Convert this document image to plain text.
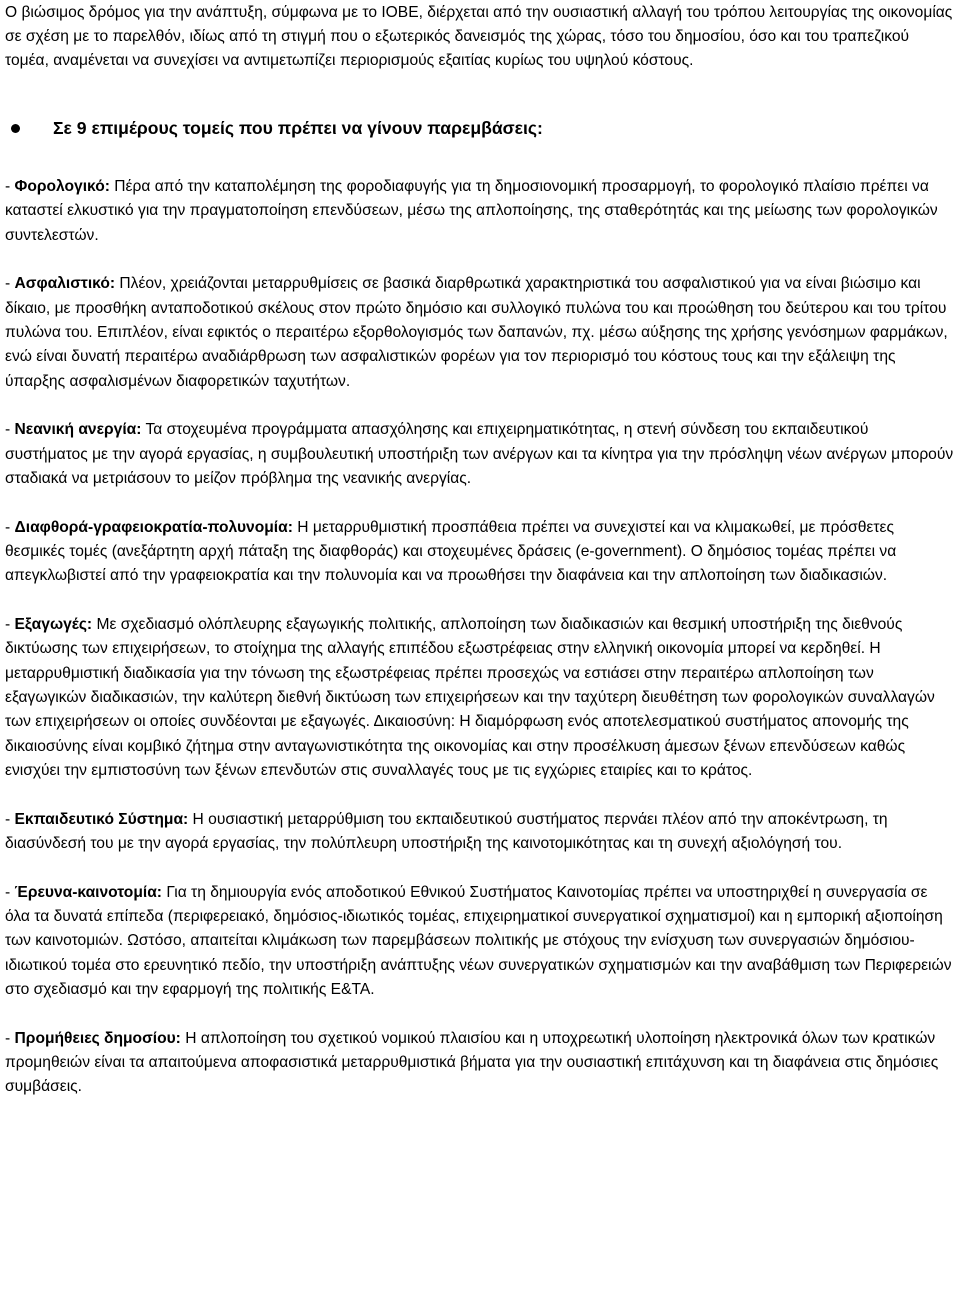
Ο βιώσιμος δρόμος για την ανάπτυξη, σύμφωνα με το ΙΟΒΕ, διέρχεται από την ουσιαστική αλλαγή του τρόπου λειτουργίας της οικονομίας σε σχέση με το παρελθόν, ιδίως από τη στιγμή που ο εξωτερικός δανεισμός της χώρας, τόσο του δημοσίου, όσο και του τραπεζικού τομέα, αναμένεται να συνεχίσει να αντιμετωπίζει περιορισμούς εξαιτίας κυρίως του υψηλού κόστους.

Σε 9 επιμέρους τομείς που πρέπει να γίνουν παρεμβάσεις:

- Φορολογικό: Πέρα από την καταπολέμηση της φοροδιαφυγής για τη δημοσιονομική προσαρμογή, το φορολογικό πλαίσιο πρέπει να καταστεί ελκυστικό για την πραγματοποίηση επενδύσεων, μέσω της απλοποίησης, της σταθερότητάς και της μείωσης των φορολογικών συντελεστών.

- Ασφαλιστικό: Πλέον, χρειάζονται μεταρρυθμίσεις σε βασικά διαρθρωτικά χαρακτηριστικά του ασφαλιστικού για να είναι βιώσιμο και δίκαιο, με προσθήκη ανταποδοτικού σκέλους στον πρώτο δημόσιο και συλλογικό πυλώνα του και προώθηση του δεύτερου και του τρίτου πυλώνα του. Επιπλέον, είναι εφικτός ο περαιτέρω εξορθολογισμός των δαπανών, πχ. μέσω αύξησης της χρήσης γενόσημων φαρμάκων, ενώ είναι δυνατή περαιτέρω αναδιάρθρωση των ασφαλιστικών φορέων για τον περιορισμό του κόστους τους και την εξάλειψη της ύπαρξης ασφαλισμένων διαφορετικών ταχυτήτων.

- Νεανική ανεργία: Τα στοχευμένα προγράμματα απασχόλησης και επιχειρηματικότητας, η στενή σύνδεση του εκπαιδευτικού συστήματος με την αγορά εργασίας, η συμβουλευτική υποστήριξη των ανέργων και τα κίνητρα για την πρόσληψη νέων ανέργων μπορούν σταδιακά να μετριάσουν το μείζον πρόβλημα της νεανικής ανεργίας.

- Διαφθορά-γραφειοκρατία-πολυνομία: Η μεταρρυθμιστική προσπάθεια πρέπει να συνεχιστεί και να κλιμακωθεί, με πρόσθετες θεσμικές τομές (ανεξάρτητη αρχή πάταξη της διαφθοράς) και στοχευμένες δράσεις (e-government). Ο δημόσιος τομέας πρέπει να απεγκλωβιστεί από την γραφειοκρατία και την πολυνομία και να προωθήσει την διαφάνεια και την απλοποίηση των διαδικασιών.

- Εξαγωγές: Με σχεδιασμό ολόπλευρης εξαγωγικής πολιτικής, απλοποίηση των διαδικασιών και θεσμική υποστήριξη της διεθνούς δικτύωσης των επιχειρήσεων, το στοίχημα της αλλαγής επιπέδου εξωστρέφειας στην ελληνική οικονομία μπορεί να κερδηθεί. Η μεταρρυθμιστική διαδικασία για την τόνωση της εξωστρέφειας πρέπει προσεχώς να εστιάσει στην περαιτέρω απλοποίηση των εξαγωγικών διαδικασιών, την καλύτερη διεθνή δικτύωση των επιχειρήσεων και την ταχύτερη διευθέτηση των φορολογικών συναλλαγών των επιχειρήσεων οι οποίες συνδέονται με εξαγωγές. Δικαιοσύνη: Η διαμόρφωση ενός αποτελεσματικού συστήματος απονομής της δικαιοσύνης είναι κομβικό ζήτημα στην ανταγωνιστικότητα της οικονομίας και στην προσέλκυση άμεσων ξένων επενδύσεων καθώς ενισχύει την εμπιστοσύνη των ξένων επενδυτών στις συναλλαγές τους με τις εγχώριες εταιρίες και το κράτος.

- Εκπαιδευτικό Σύστημα: Η ουσιαστική μεταρρύθμιση του εκπαιδευτικού συστήματος περνάει πλέον από την αποκέντρωση, τη διασύνδεσή του με την αγορά εργασίας, την πολύπλευρη υποστήριξη της καινοτομικότητας και τη συνεχή αξιολόγησή του.

- Έρευνα-καινοτομία: Για τη δημιουργία ενός αποδοτικού Εθνικού Συστήματος Καινοτομίας πρέπει να υποστηριχθεί η συνεργασία σε όλα τα δυνατά επίπεδα (περιφερειακό, δημόσιος-ιδιωτικός τομέας, επιχειρηματικοί συνεργατικοί σχηματισμοί) και η εμπορική αξιοποίηση των καινοτομιών. Ωστόσο, απαιτείται κλιμάκωση των παρεμβάσεων πολιτικής με στόχους την ενίσχυση των συνεργασιών δημόσιου-ιδιωτικού τομέα στο ερευνητικό πεδίο, την υποστήριξη ανάπτυξης νέων συνεργατικών σχηματισμών και την αναβάθμιση των Περιφερειών στο σχεδιασμό και την εφαρμογή της πολιτικής Ε&ΤΑ.

- Προμήθειες δημοσίου: Η απλοποίηση του σχετικού νομικού πλαισίου και η υποχρεωτική υλοποίηση ηλεκτρονικά όλων των κρατικών προμηθειών είναι τα απαιτούμενα αποφασιστικά μεταρρυθμιστικά βήματα για την ουσιαστική επιτάχυνση και τη διαφάνεια στις δημόσιες συμβάσεις.
